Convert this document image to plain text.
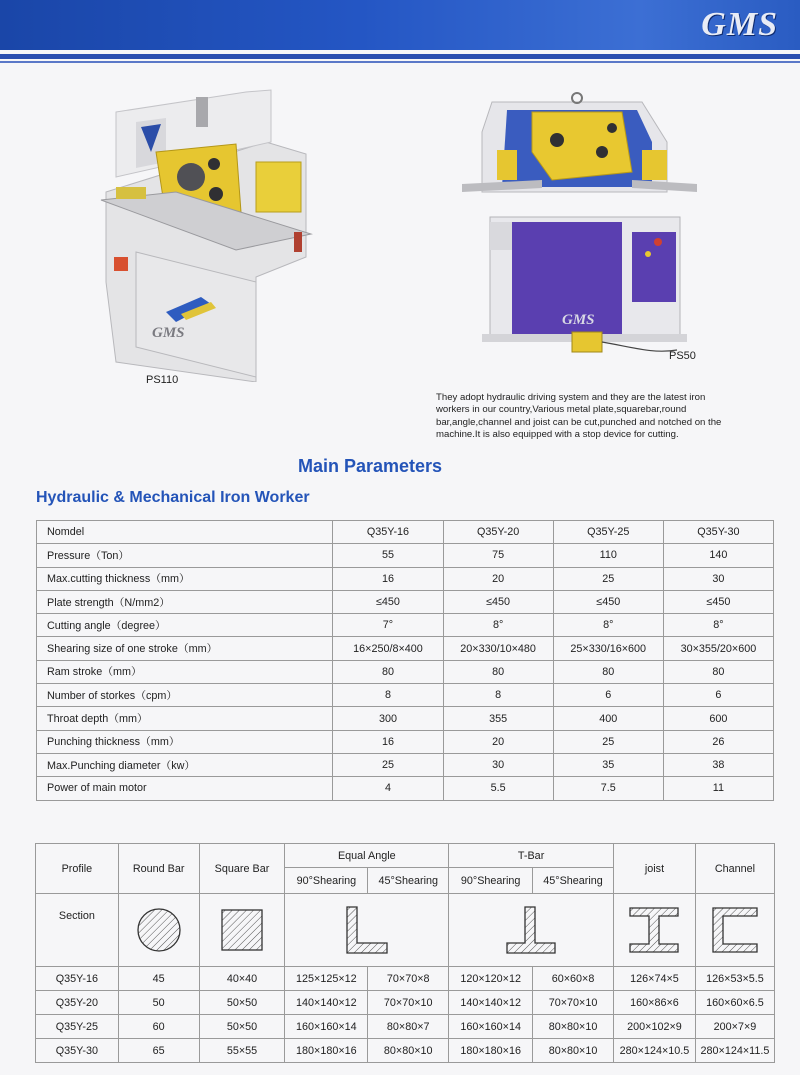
GMS
GMS
PS110
GMS
PS50
They adopt hydraulic driving system and they are the latest iron workers in our country,Various metal plate,squarebar,round bar,angle,channel and joist can be cut,punched and notched on the machine.It is also equipped with a stop device for cutting.
Main Parameters
Hydraulic & Mechanical Iron Worker
Nomdel	Q35Y-16	Q35Y-20	Q35Y-25	Q35Y-30
Pressure（Ton）	55	75	110	140
Max.cutting thickness（mm）	16	20	25	30
Plate strength（N/mm2）	≤450	≤450	≤450	≤450
Cutting angle（degree）	7°	8°	8°	8°
Shearing size of one stroke（mm）	16×250/8×400	20×330/10×480	25×330/16×600	30×355/20×600
Ram stroke（mm）	80	80	80	80
Number of storkes（cpm）	8	8	6	6
Throat depth（mm）	300	355	400	600
Punching thickness（mm）	16	20	25	26
Max.Punching diameter（kw）	25	30	35	38
Power of main motor	4	5.5	7.5	11
Profile	Round Bar	Square Bar	Equal Angle		T-Bar		joist	Channel
			90°Shearing	45°Shearing	90°Shearing	45°Shearing		
Section						
Q35Y-16	45	40×40	125×125×12	70×70×8	120×120×12	60×60×8	126×74×5	126×53×5.5
Q35Y-20	50	50×50	140×140×12	70×70×10	140×140×12	70×70×10	160×86×6	160×60×6.5
Q35Y-25	60	50×50	160×160×14	80×80×7	160×160×14	80×80×10	200×102×9	200×7×9
Q35Y-30	65	55×55	180×180×16	80×80×10	180×180×16	80×80×10	280×124×10.5	280×124×11.5
